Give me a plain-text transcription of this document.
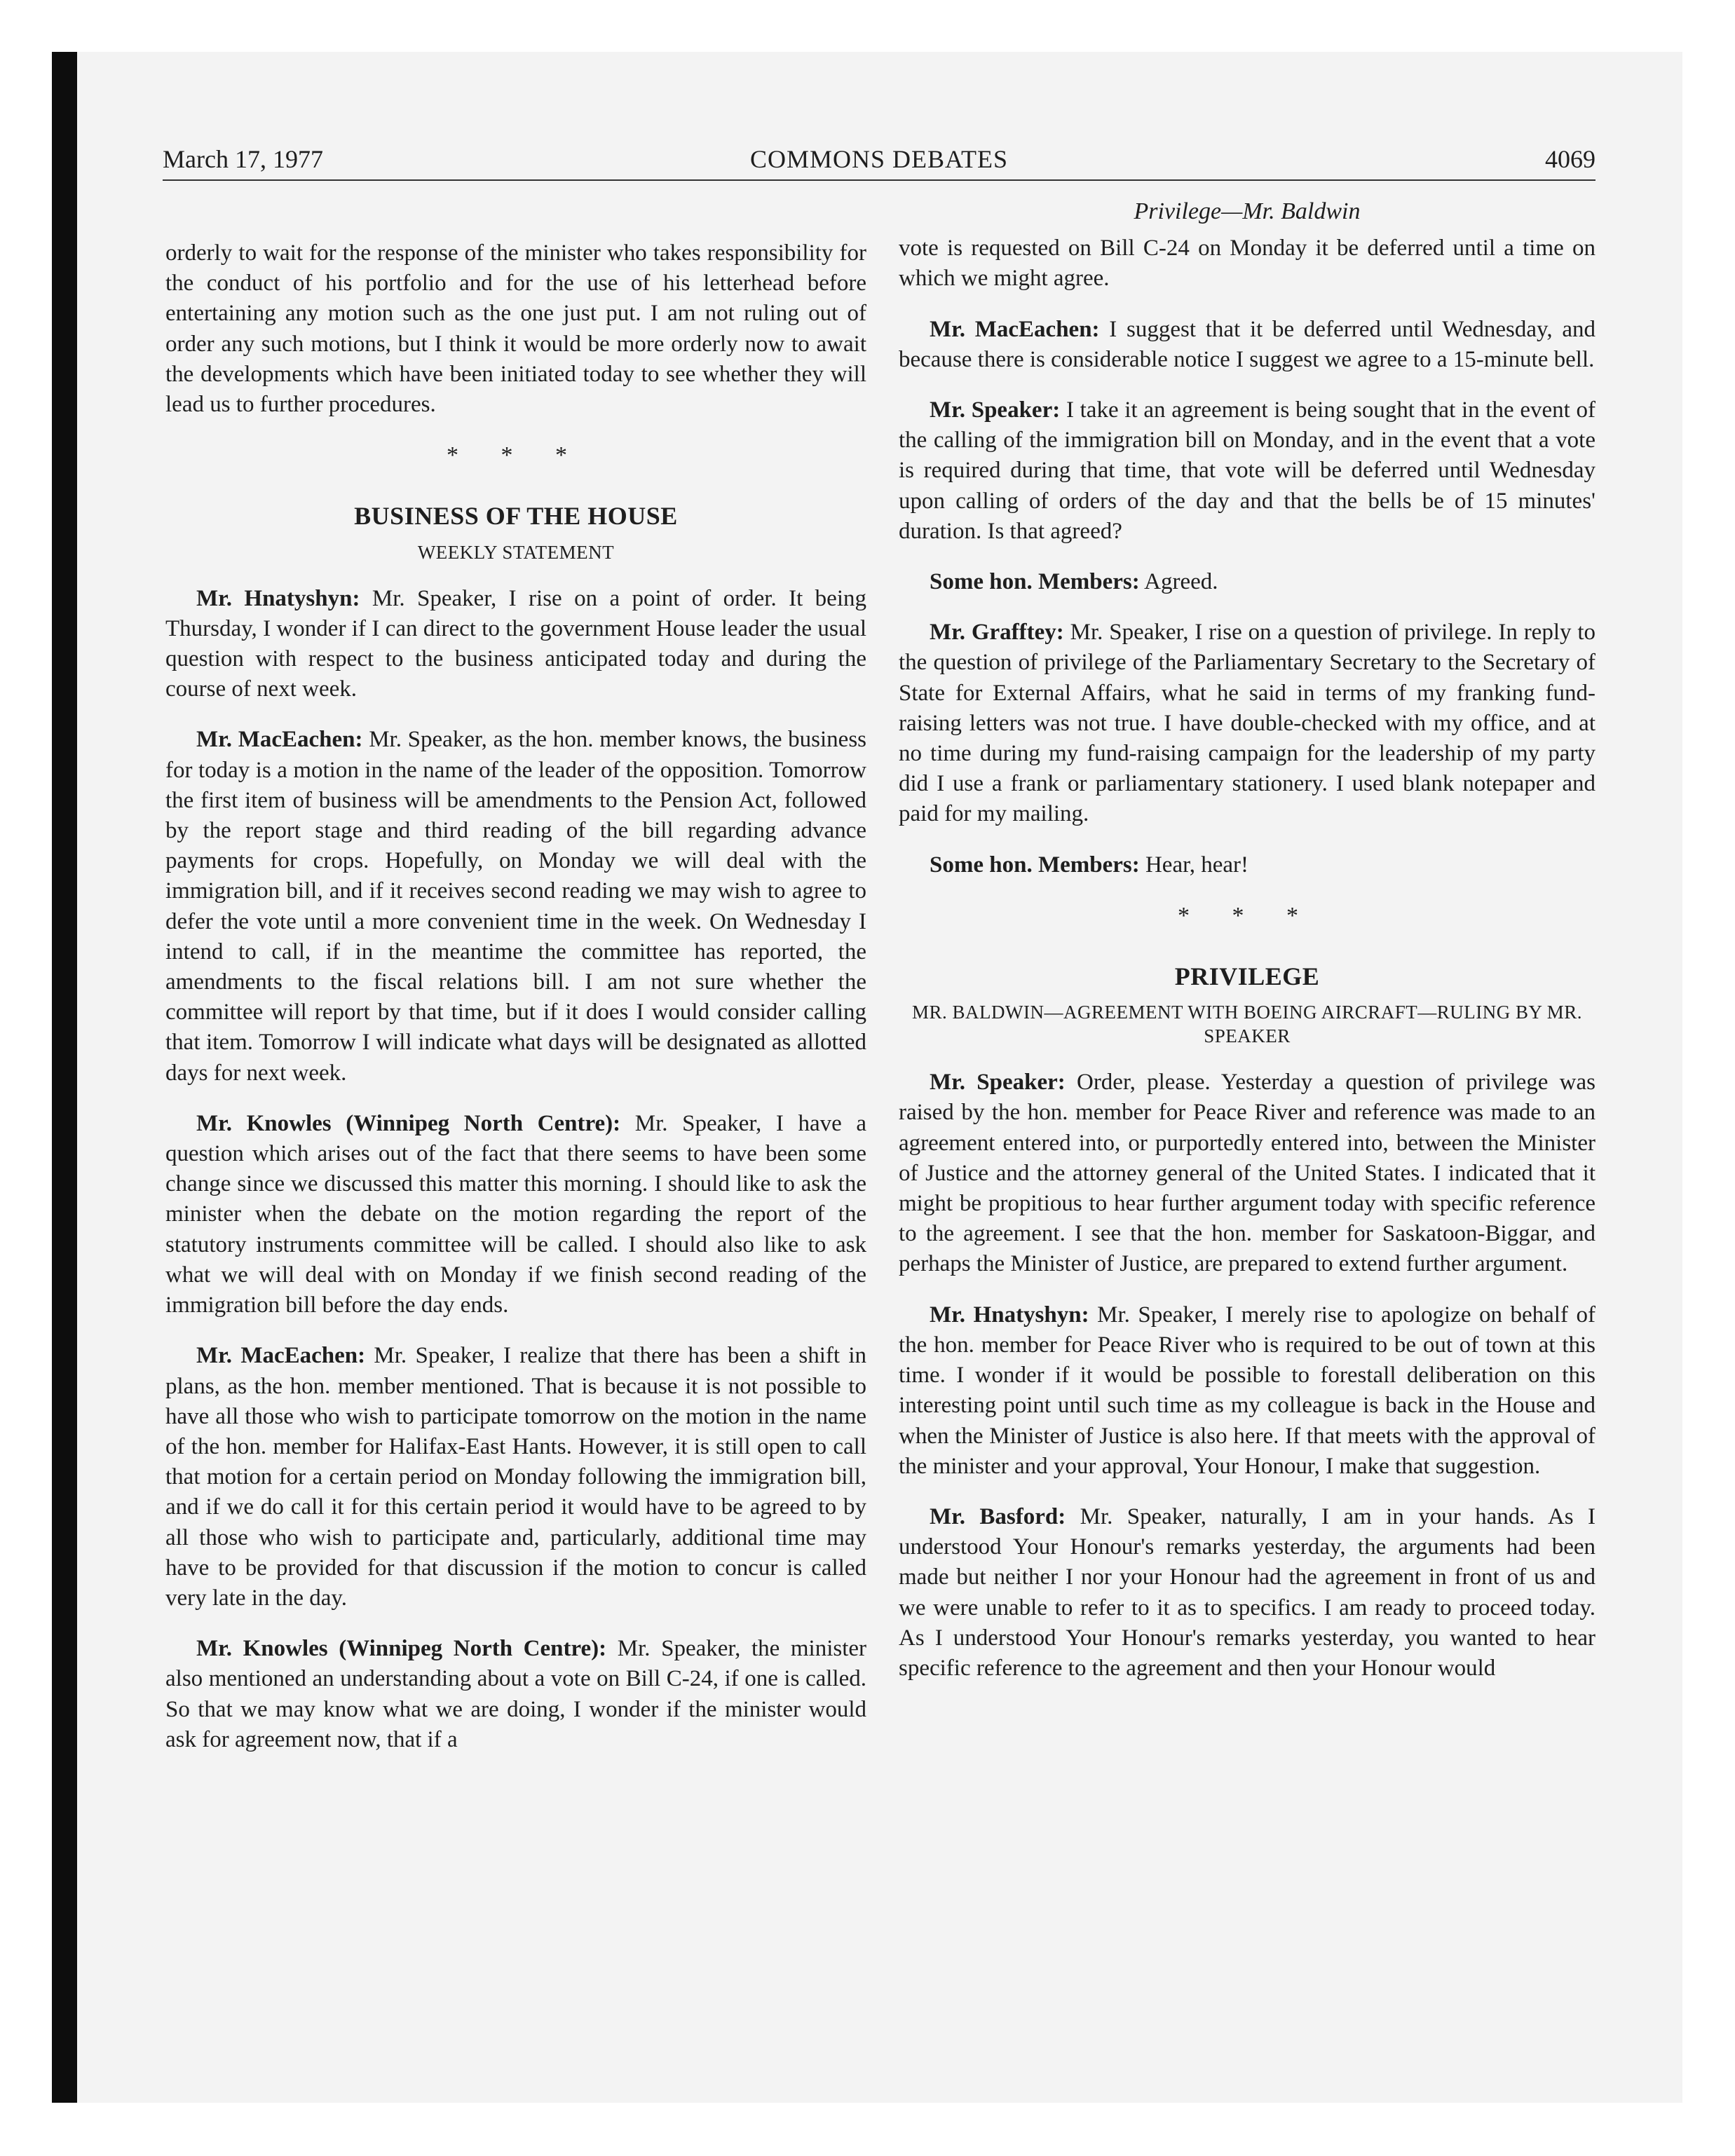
March 17, 1977	COMMONS DEBATES	4069

orderly to wait for the response of the minister who takes responsibility for the conduct of his portfolio and for the use of his letterhead before entertaining any motion such as the one just put. I am not ruling out of order any such motions, but I think it would be more orderly now to await the developments which have been initiated today to see whether they will lead us to further procedures.

* * *
BUSINESS OF THE HOUSE
WEEKLY STATEMENT

Mr. Hnatyshyn: Mr. Speaker, I rise on a point of order. It being Thursday, I wonder if I can direct to the government House leader the usual question with respect to the business anticipated today and during the course of next week.

Mr. MacEachen: Mr. Speaker, as the hon. member knows, the business for today is a motion in the name of the leader of the opposition. Tomorrow the first item of business will be amendments to the Pension Act, followed by the report stage and third reading of the bill regarding advance payments for crops. Hopefully, on Monday we will deal with the immigration bill, and if it receives second reading we may wish to agree to defer the vote until a more convenient time in the week. On Wednesday I intend to call, if in the meantime the committee has reported, the amendments to the fiscal relations bill. I am not sure whether the committee will report by that time, but if it does I would consider calling that item. Tomorrow I will indicate what days will be designated as allotted days for next week.

Mr. Knowles (Winnipeg North Centre): Mr. Speaker, I have a question which arises out of the fact that there seems to have been some change since we discussed this matter this morning. I should like to ask the minister when the debate on the motion regarding the report of the statutory instruments committee will be called. I should also like to ask what we will deal with on Monday if we finish second reading of the immigration bill before the day ends.

Mr. MacEachen: Mr. Speaker, I realize that there has been a shift in plans, as the hon. member mentioned. That is because it is not possible to have all those who wish to participate tomorrow on the motion in the name of the hon. member for Halifax-East Hants. However, it is still open to call that motion for a certain period on Monday following the immigration bill, and if we do call it for this certain period it would have to be agreed to by all those who wish to participate and, particularly, additional time may have to be provided for that discussion if the motion to concur is called very late in the day.

Mr. Knowles (Winnipeg North Centre): Mr. Speaker, the minister also mentioned an understanding about a vote on Bill C-24, if one is called. So that we may know what we are doing, I wonder if the minister would ask for agreement now, that if a

Privilege—Mr. Baldwin

vote is requested on Bill C-24 on Monday it be deferred until a time on which we might agree.

Mr. MacEachen: I suggest that it be deferred until Wednesday, and because there is considerable notice I suggest we agree to a 15-minute bell.

Mr. Speaker: I take it an agreement is being sought that in the event of the calling of the immigration bill on Monday, and in the event that a vote is required during that time, that vote will be deferred until Wednesday upon calling of orders of the day and that the bells be of 15 minutes' duration. Is that agreed?

Some hon. Members: Agreed.

Mr. Grafftey: Mr. Speaker, I rise on a question of privilege. In reply to the question of privilege of the Parliamentary Secretary to the Secretary of State for External Affairs, what he said in terms of my franking fund-raising letters was not true. I have double-checked with my office, and at no time during my fund-raising campaign for the leadership of my party did I use a frank or parliamentary stationery. I used blank notepaper and paid for my mailing.

Some hon. Members: Hear, hear!

* * *
PRIVILEGE
MR. BALDWIN—AGREEMENT WITH BOEING AIRCRAFT—RULING BY MR. SPEAKER

Mr. Speaker: Order, please. Yesterday a question of privilege was raised by the hon. member for Peace River and reference was made to an agreement entered into, or purportedly entered into, between the Minister of Justice and the attorney general of the United States. I indicated that it might be propitious to hear further argument today with specific reference to the agreement. I see that the hon. member for Saskatoon-Biggar, and perhaps the Minister of Justice, are prepared to extend further argument.

Mr. Hnatyshyn: Mr. Speaker, I merely rise to apologize on behalf of the hon. member for Peace River who is required to be out of town at this time. I wonder if it would be possible to forestall deliberation on this interesting point until such time as my colleague is back in the House and when the Minister of Justice is also here. If that meets with the approval of the minister and your approval, Your Honour, I make that suggestion.

Mr. Basford: Mr. Speaker, naturally, I am in your hands. As I understood Your Honour's remarks yesterday, the arguments had been made but neither I nor your Honour had the agreement in front of us and we were unable to refer to it as to specifics. I am ready to proceed today. As I understood Your Honour's remarks yesterday, you wanted to hear specific reference to the agreement and then your Honour would
